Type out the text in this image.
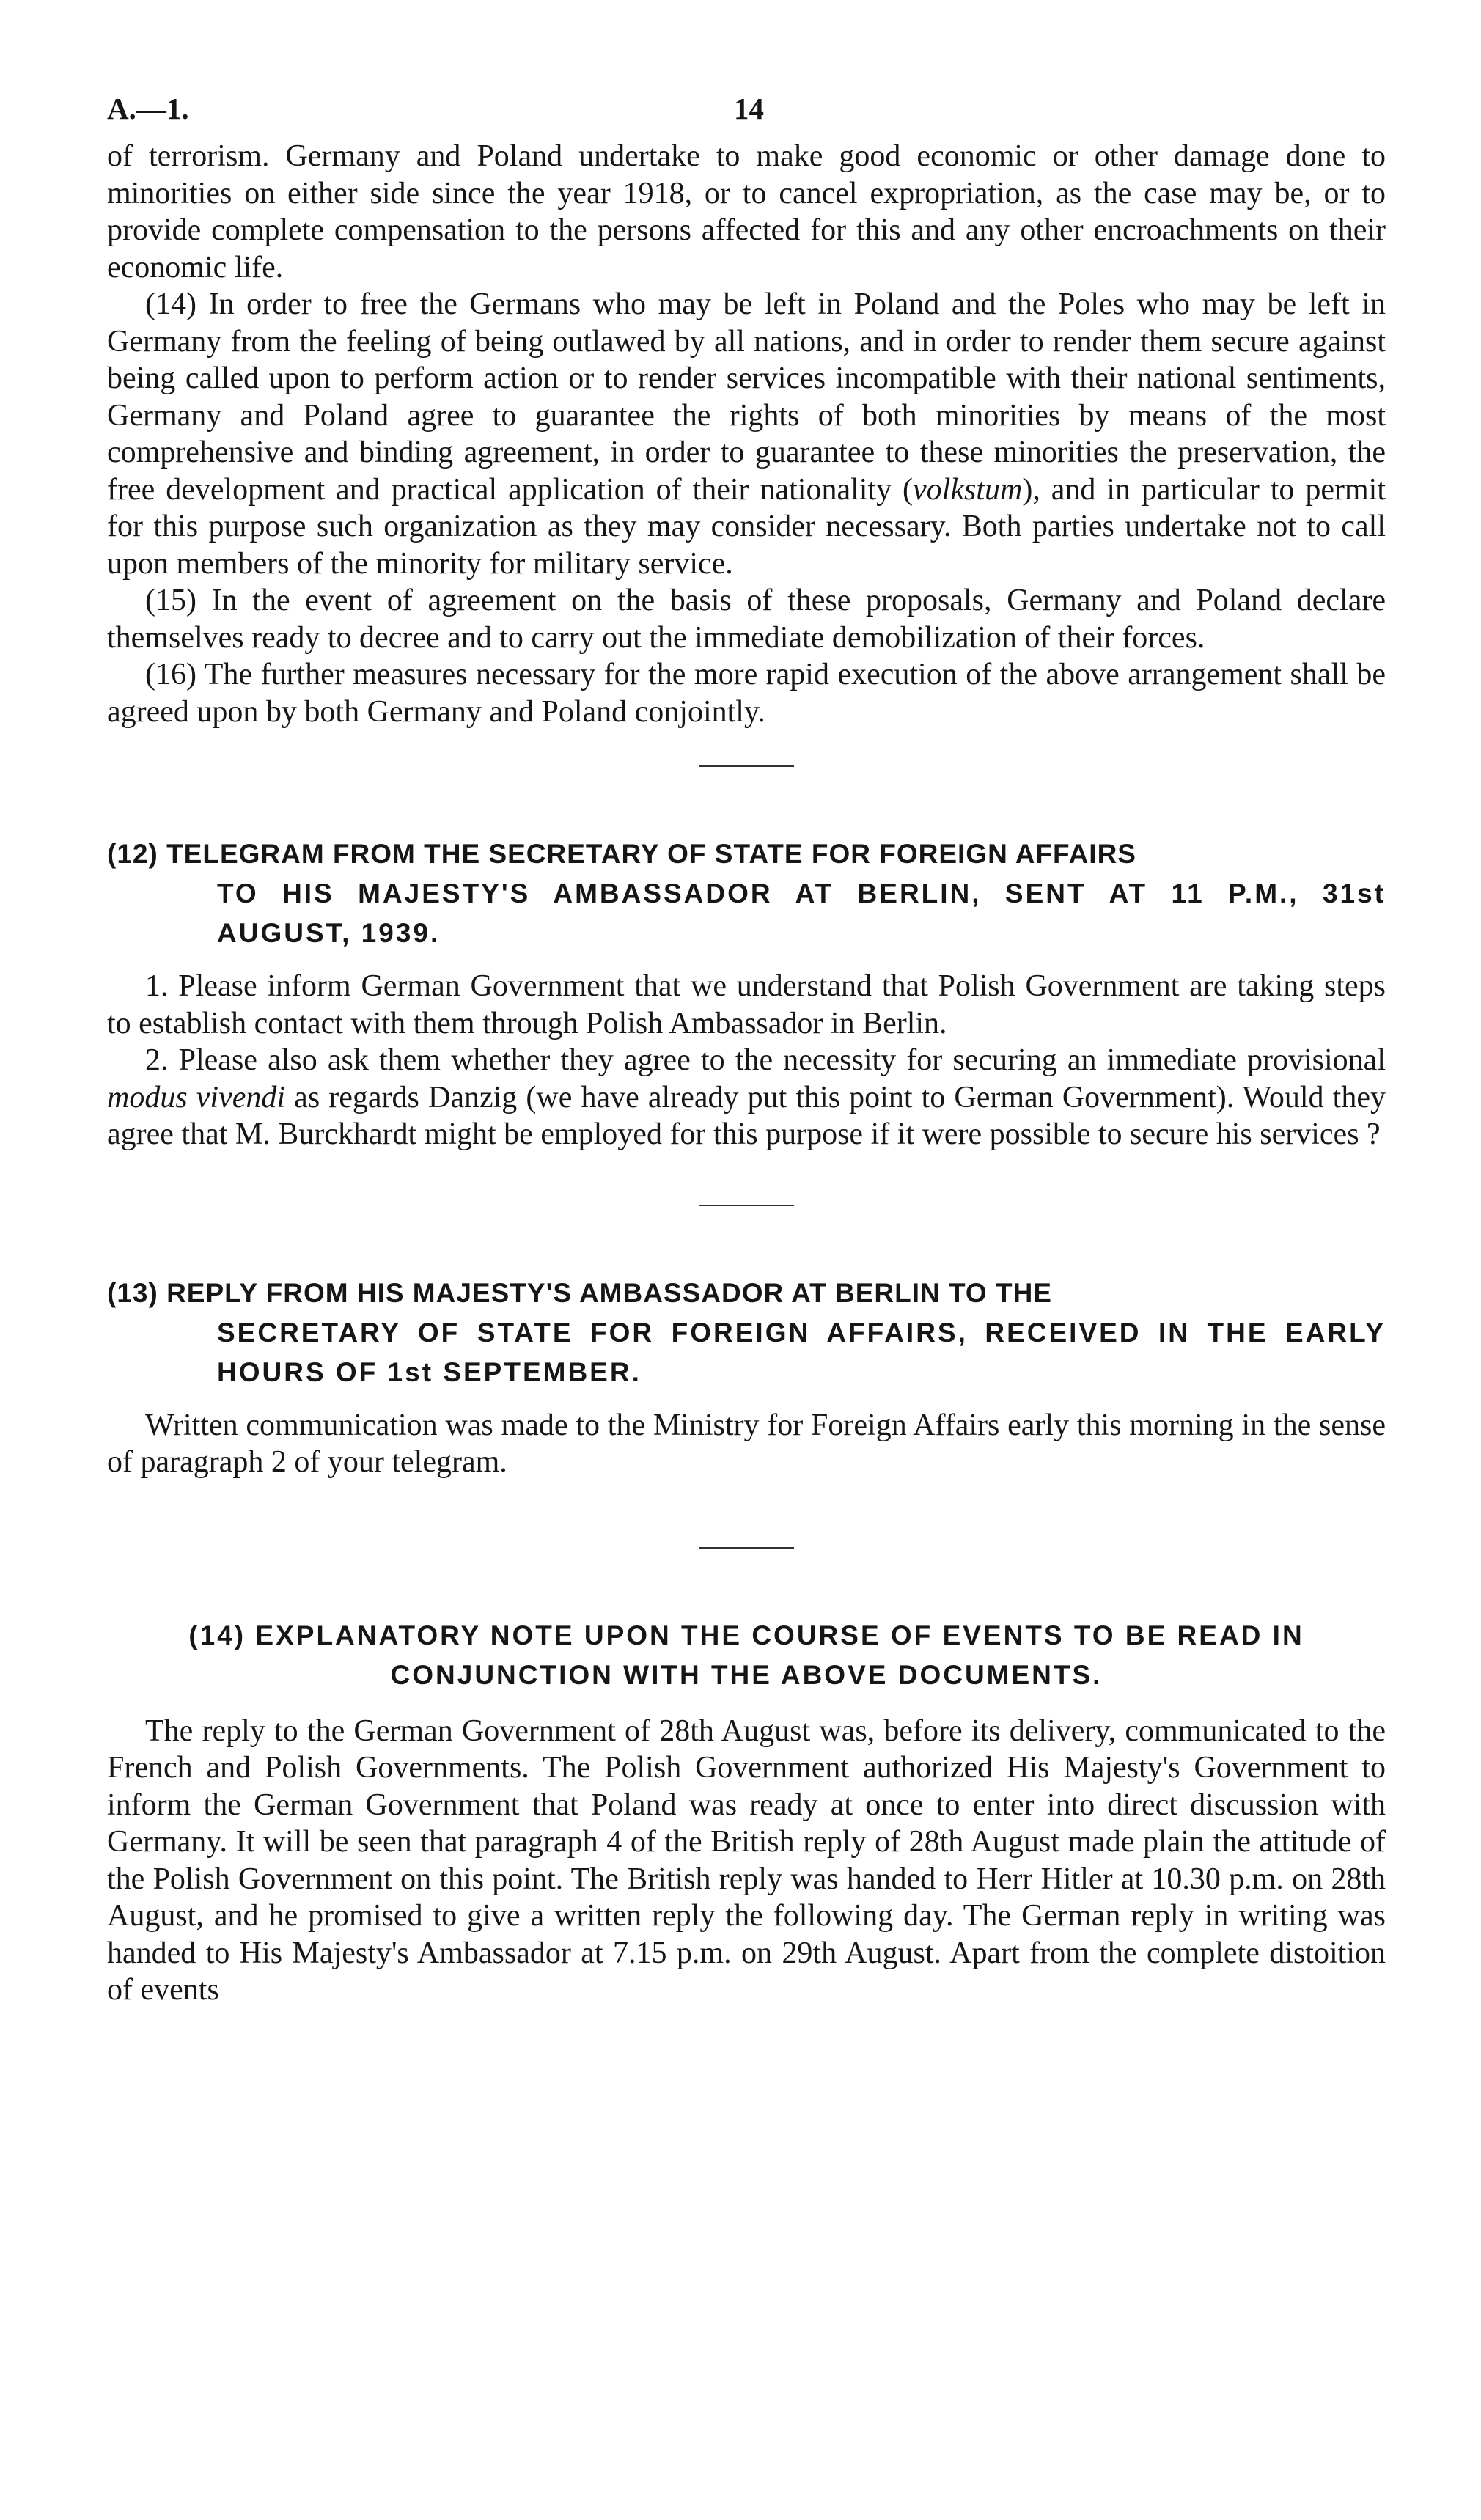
A.—1.	14

of terrorism. Germany and Poland undertake to make good economic or other damage done to minorities on either side since the year 1918, or to cancel expropriation, as the case may be, or to provide complete compensation to the persons affected for this and any other encroachments on their economic life.

(14) In order to free the Germans who may be left in Poland and the Poles who may be left in Germany from the feeling of being outlawed by all nations, and in order to render them secure against being called upon to perform action or to render services incompatible with their national sentiments, Germany and Poland agree to guarantee the rights of both minorities by means of the most comprehensive and binding agreement, in order to guarantee to these minorities the preservation, the free development and practical application of their nationality (volkstum), and in particular to permit for this purpose such organization as they may consider necessary. Both parties undertake not to call upon members of the minority for military service.

(15) In the event of agreement on the basis of these proposals, Germany and Poland declare themselves ready to decree and to carry out the immediate demobilization of their forces.

(16) The further measures necessary for the more rapid execution of the above arrangement shall be agreed upon by both Germany and Poland conjointly.

(12) TELEGRAM FROM THE SECRETARY OF STATE FOR FOREIGN AFFAIRS
TO HIS MAJESTY'S AMBASSADOR AT BERLIN, SENT AT 11 P.M., 31st AUGUST, 1939.

1. Please inform German Government that we understand that Polish Government are taking steps to establish contact with them through Polish Ambassador in Berlin.

2. Please also ask them whether they agree to the necessity for securing an immediate provisional modus vivendi as regards Danzig (we have already put this point to German Government). Would they agree that M. Burckhardt might be employed for this purpose if it were possible to secure his services ?

(13) REPLY FROM HIS MAJESTY'S AMBASSADOR AT BERLIN TO THE
SECRETARY OF STATE FOR FOREIGN AFFAIRS, RECEIVED IN THE EARLY HOURS OF 1st SEPTEMBER.

Written communication was made to the Ministry for Foreign Affairs early this morning in the sense of paragraph 2 of your telegram.

(14) EXPLANATORY NOTE UPON THE COURSE OF EVENTS TO BE READ IN
CONJUNCTION WITH THE ABOVE DOCUMENTS.

The reply to the German Government of 28th August was, before its delivery, communicated to the French and Polish Governments. The Polish Government authorized His Majesty's Government to inform the German Government that Poland was ready at once to enter into direct discussion with Germany. It will be seen that paragraph 4 of the British reply of 28th August made plain the attitude of the Polish Government on this point. The British reply was handed to Herr Hitler at 10.30 p.m. on 28th August, and he promised to give a written reply the following day. The German reply in writing was handed to His Majesty's Ambassador at 7.15 p.m. on 29th August. Apart from the complete distoition of events
